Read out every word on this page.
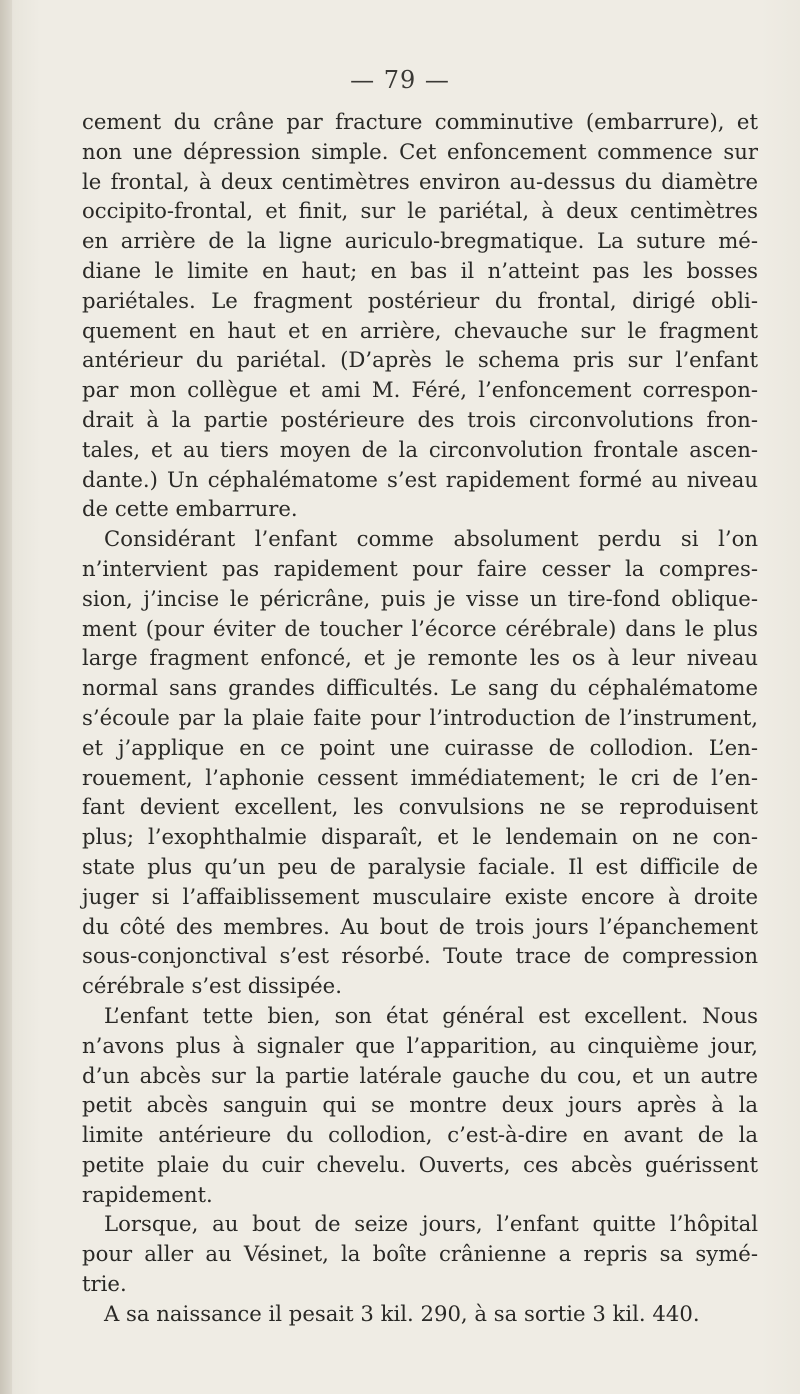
— 79 —
cement du crâne par fracture comminutive (embarrure), et
non une dépression simple. Cet enfoncement commence sur
le frontal, à deux centimètres environ au-dessus du diamètre
occipito-frontal, et finit, sur le pariétal, à deux centimètres
en arrière de la ligne auriculo-bregmatique. La suture mé-
diane le limite en haut; en bas il n’atteint pas les bosses
pariétales. Le fragment postérieur du frontal, dirigé obli-
quement en haut et en arrière, chevauche sur le fragment
antérieur du pariétal. (D’après le schema pris sur l’enfant
par mon collègue et ami M. Féré, l’enfoncement correspon-
drait à la partie postérieure des trois circonvolutions fron-
tales, et au tiers moyen de la circonvolution frontale ascen-
dante.) Un céphalématome s’est rapidement formé au niveau
de cette embarrure.
Considérant l’enfant comme absolument perdu si l’on
n’intervient pas rapidement pour faire cesser la compres-
sion, j’incise le péricrâne, puis je visse un tire-fond oblique-
ment (pour éviter de toucher l’écorce cérébrale) dans le plus
large fragment enfoncé, et je remonte les os à leur niveau
normal sans grandes difficultés. Le sang du céphalématome
s’écoule par la plaie faite pour l’introduction de l’instrument,
et j’applique en ce point une cuirasse de collodion. L’en-
rouement, l’aphonie cessent immédiatement; le cri de l’en-
fant devient excellent, les convulsions ne se reproduisent
plus; l’exophthalmie disparaît, et le lendemain on ne con-
state plus qu’un peu de paralysie faciale. Il est difficile de
juger si l’affaiblissement musculaire existe encore à droite
du côté des membres. Au bout de trois jours l’épanchement
sous-conjonctival s’est résorbé. Toute trace de compression
cérébrale s’est dissipée.
L’enfant tette bien, son état général est excellent. Nous
n’avons plus à signaler que l’apparition, au cinquième jour,
d’un abcès sur la partie latérale gauche du cou, et un autre
petit abcès sanguin qui se montre deux jours après à la
limite antérieure du collodion, c’est-à-dire en avant de la
petite plaie du cuir chevelu. Ouverts, ces abcès guérissent
rapidement.
Lorsque, au bout de seize jours, l’enfant quitte l’hôpital
pour aller au Vésinet, la boîte crânienne a repris sa symé-
trie.
A sa naissance il pesait 3 kil. 290, à sa sortie 3 kil. 440.
